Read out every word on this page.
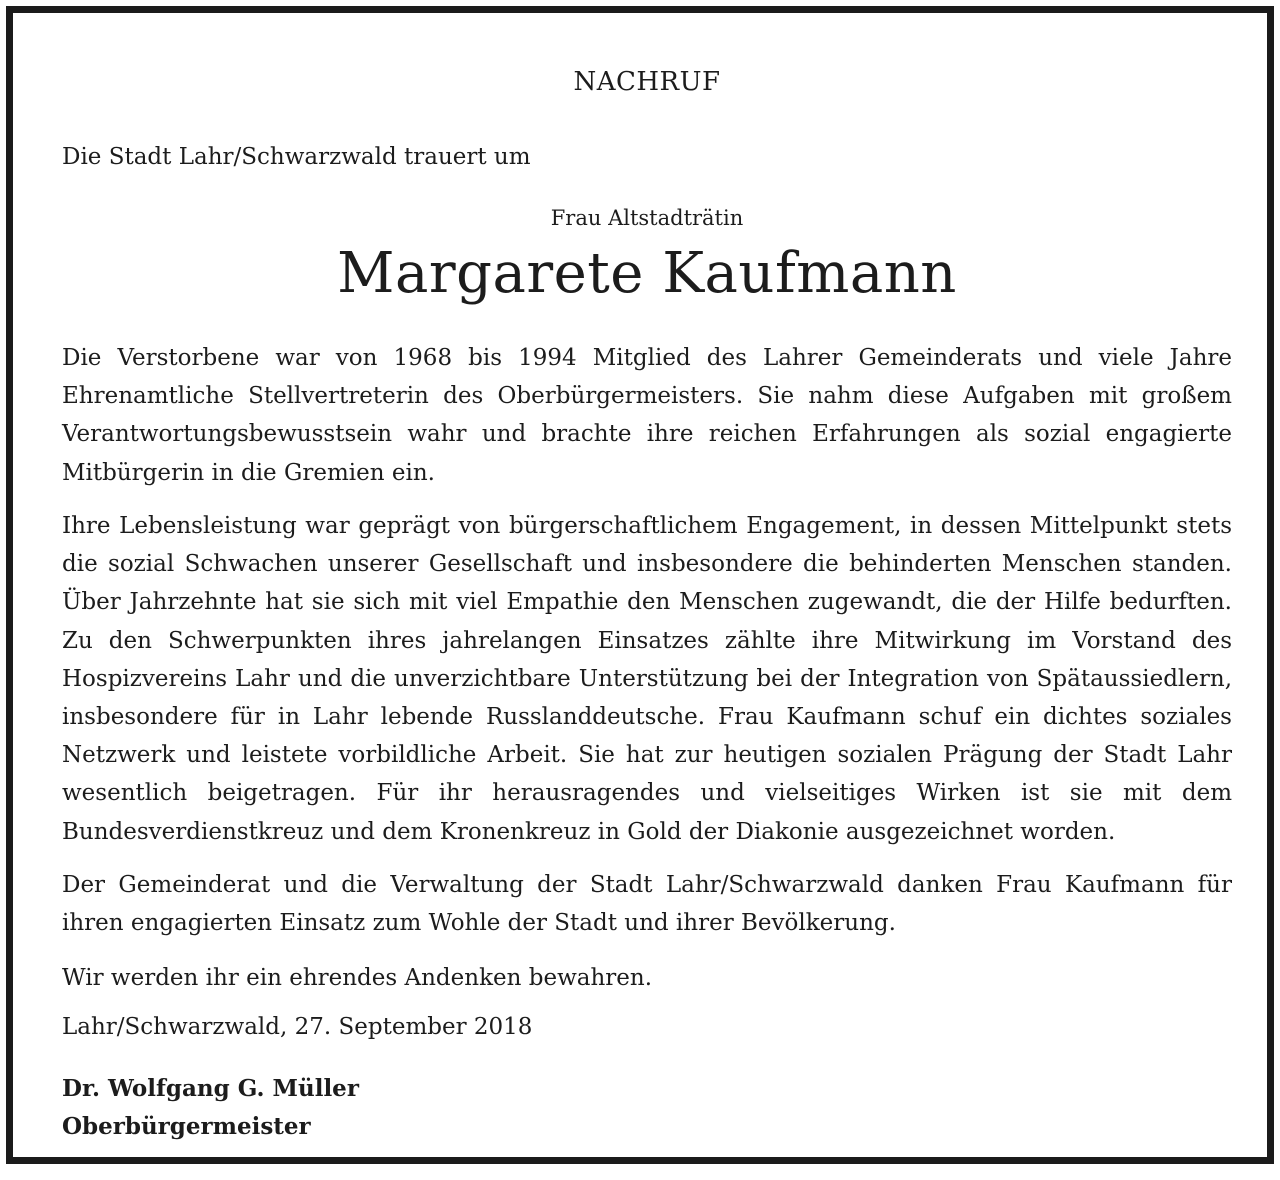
NACHRUF
Die Stadt Lahr/Schwarzwald trauert um
Frau Altstadträtin
Margarete Kaufmann

Die Verstorbene war von 1968 bis 1994 Mitglied des Lahrer Gemeinderats und viele Jahre Ehrenamtliche Stellvertreterin des Oberbürgermeisters. Sie nahm diese Aufgaben mit großem Verantwortungsbewusstsein wahr und brachte ihre reichen Erfahrungen als sozial engagierte Mitbürgerin in die Gremien ein.

Ihre Lebensleistung war geprägt von bürgerschaftlichem Engagement, in dessen Mittelpunkt stets die sozial Schwachen unserer Gesellschaft und insbesondere die behinderten Menschen standen. Über Jahrzehnte hat sie sich mit viel Empathie den Menschen zugewandt, die der Hilfe bedurften. Zu den Schwerpunkten ihres jahrelangen Einsatzes zählte ihre Mitwirkung im Vorstand des Hospizvereins Lahr und die unverzichtbare Unterstützung bei der Integration von Spätaussiedlern, insbesondere für in Lahr lebende Russlanddeutsche. Frau Kaufmann schuf ein dichtes soziales Netzwerk und leistete vorbildliche Arbeit. Sie hat zur heutigen sozialen Prägung der Stadt Lahr wesentlich beigetragen. Für ihr herausragendes und vielseitiges Wirken ist sie mit dem Bundesverdienstkreuz und dem Kronenkreuz in Gold der Diakonie ausgezeichnet worden.

Der Gemeinderat und die Verwaltung der Stadt Lahr/Schwarzwald danken Frau Kaufmann für ihren engagierten Einsatz zum Wohle der Stadt und ihrer Bevölkerung.

Wir werden ihr ein ehrendes Andenken bewahren.

Lahr/Schwarzwald, 27. September 2018

Dr. Wolfgang G. Müller
Oberbürgermeister
